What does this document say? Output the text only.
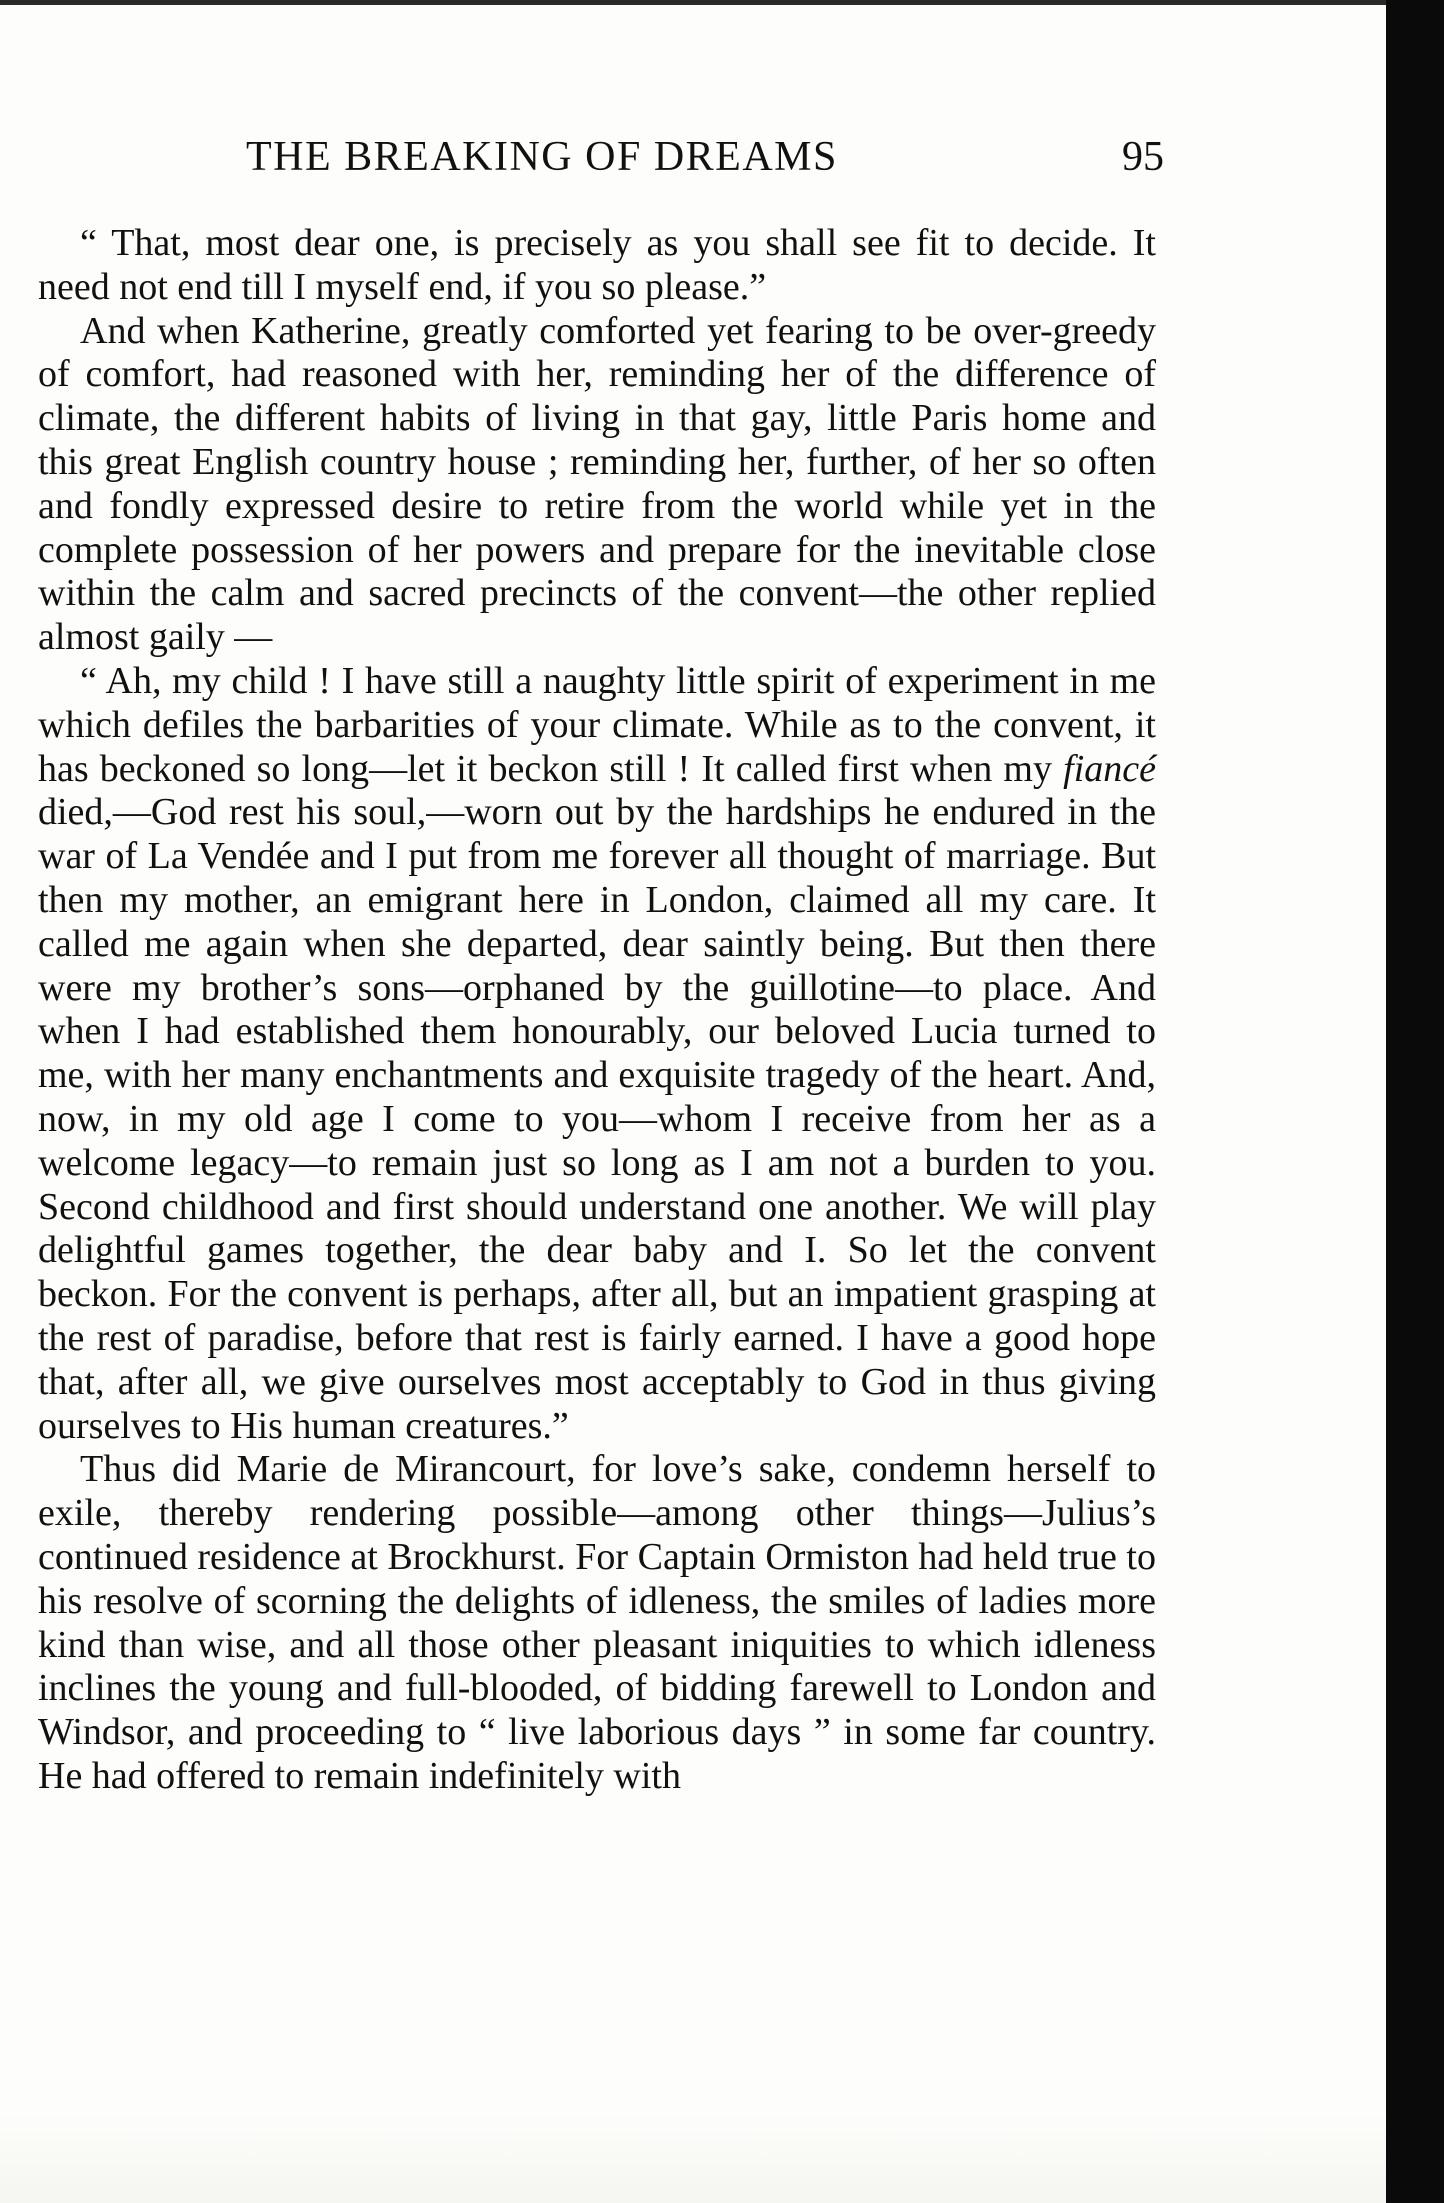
THE BREAKING OF DREAMS	95

“ That, most dear one, is precisely as you shall see fit to decide. It need not end till I myself end, if you so please.”

And when Katherine, greatly comforted yet fearing to be over-greedy of comfort, had reasoned with her, reminding her of the difference of climate, the different habits of living in that gay, little Paris home and this great English country house ; reminding her, further, of her so often and fondly expressed desire to retire from the world while yet in the complete possession of her powers and prepare for the inevitable close within the calm and sacred precincts of the convent—the other replied almost gaily —

“ Ah, my child ! I have still a naughty little spirit of experiment in me which defiles the barbarities of your climate. While as to the convent, it has beckoned so long—let it beckon still ! It called first when my fiancé died,—God rest his soul,—worn out by the hardships he endured in the war of La Vendée and I put from me forever all thought of marriage. But then my mother, an emigrant here in London, claimed all my care. It called me again when she departed, dear saintly being. But then there were my brother’s sons—orphaned by the guillotine—to place. And when I had established them honourably, our beloved Lucia turned to me, with her many enchantments and exquisite tragedy of the heart. And, now, in my old age I come to you—whom I receive from her as a welcome legacy—to remain just so long as I am not a burden to you. Second childhood and first should understand one another. We will play delightful games together, the dear baby and I. So let the convent beckon. For the convent is perhaps, after all, but an impatient grasping at the rest of paradise, before that rest is fairly earned. I have a good hope that, after all, we give ourselves most acceptably to God in thus giving ourselves to His human creatures.”

Thus did Marie de Mirancourt, for love’s sake, condemn herself to exile, thereby rendering possible—among other things—Julius’s continued residence at Brockhurst. For Captain Ormiston had held true to his resolve of scorning the delights of idleness, the smiles of ladies more kind than wise, and all those other pleasant iniquities to which idleness inclines the young and full-blooded, of bidding farewell to London and Windsor, and proceeding to “ live laborious days ” in some far country. He had offered to remain indefinitely with
